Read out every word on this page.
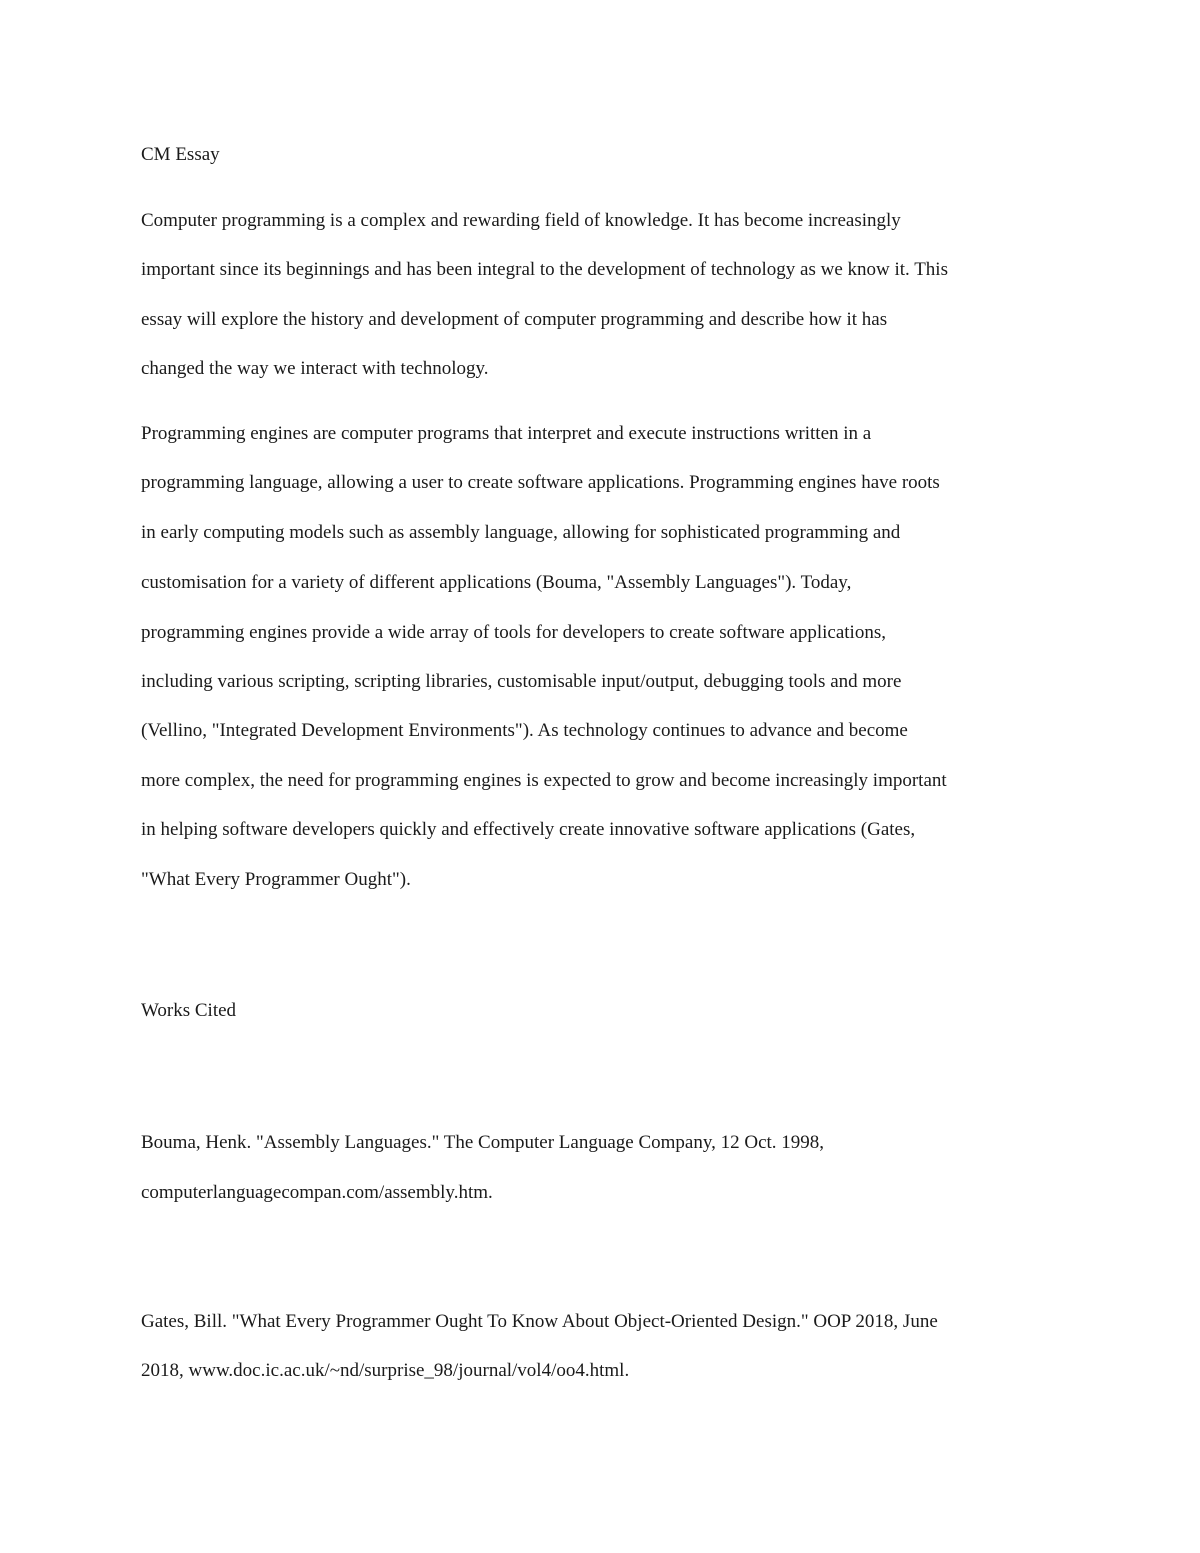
CM Essay

Computer programming is a complex and rewarding field of knowledge. It has become increasingly

important since its beginnings and has been integral to the development of technology as we know it. This

essay will explore the history and development of computer programming and describe how it has

changed the way we interact with technology.

Programming engines are computer programs that interpret and execute instructions written in a

programming language, allowing a user to create software applications. Programming engines have roots

in early computing models such as assembly language, allowing for sophisticated programming and

customisation for a variety of different applications (Bouma, "Assembly Languages"). Today,

programming engines provide a wide array of tools for developers to create software applications,

including various scripting, scripting libraries, customisable input/output, debugging tools and more

(Vellino, "Integrated Development Environments"). As technology continues to advance and become

more complex, the need for programming engines is expected to grow and become increasingly important

in helping software developers quickly and effectively create innovative software applications (Gates,

"What Every Programmer Ought").

Works Cited

Bouma, Henk. "Assembly Languages." The Computer Language Company, 12 Oct. 1998,

computerlanguagecompan.com/assembly.htm.

Gates, Bill. "What Every Programmer Ought To Know About Object-Oriented Design." OOP 2018, June

2018, www.doc.ic.ac.uk/~nd/surprise_98/journal/vol4/oo4.html.
